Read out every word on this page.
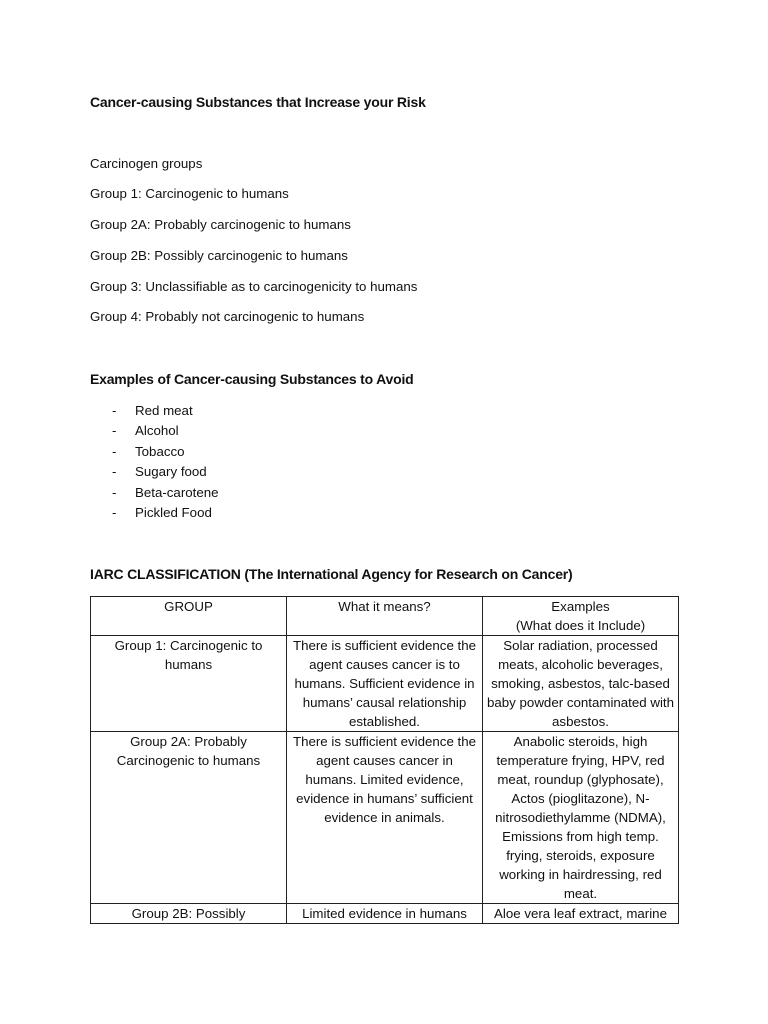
Cancer-causing Substances that Increase your Risk

Carcinogen groups

Group 1: Carcinogenic to humans

Group 2A: Probably carcinogenic to humans

Group 2B: Possibly carcinogenic to humans

Group 3: Unclassifiable as to carcinogenicity to humans

Group 4: Probably not carcinogenic to humans

Examples of Cancer-causing Substances to Avoid
- Red meat
- Alcohol
- Tobacco
- Sugary food
- Beta-carotene
- Pickled Food
IARC CLASSIFICATION (The International Agency for Research on Cancer)
GROUP	What it means?	Examples
(What does it Include)

Group 1: Carcinogenic to humans	There is sufficient evidence the agent causes cancer is to humans. Sufficient evidence in humans’ causal relationship established.	Solar radiation, processed meats, alcoholic beverages, smoking, asbestos, talc-based baby powder contaminated with asbestos.
Group 2A: Probably Carcinogenic to humans	There is sufficient evidence the agent causes cancer in humans. Limited evidence, evidence in humans’ sufficient evidence in animals.	Anabolic steroids, high temperature frying, HPV, red meat, roundup (glyphosate), Actos (pioglitazone), N-nitrosodiethylamme (NDMA), Emissions from high temp. frying, steroids, exposure working in hairdressing, red meat.
Group 2B: Possibly	Limited evidence in humans	Aloe vera leaf extract, marine
